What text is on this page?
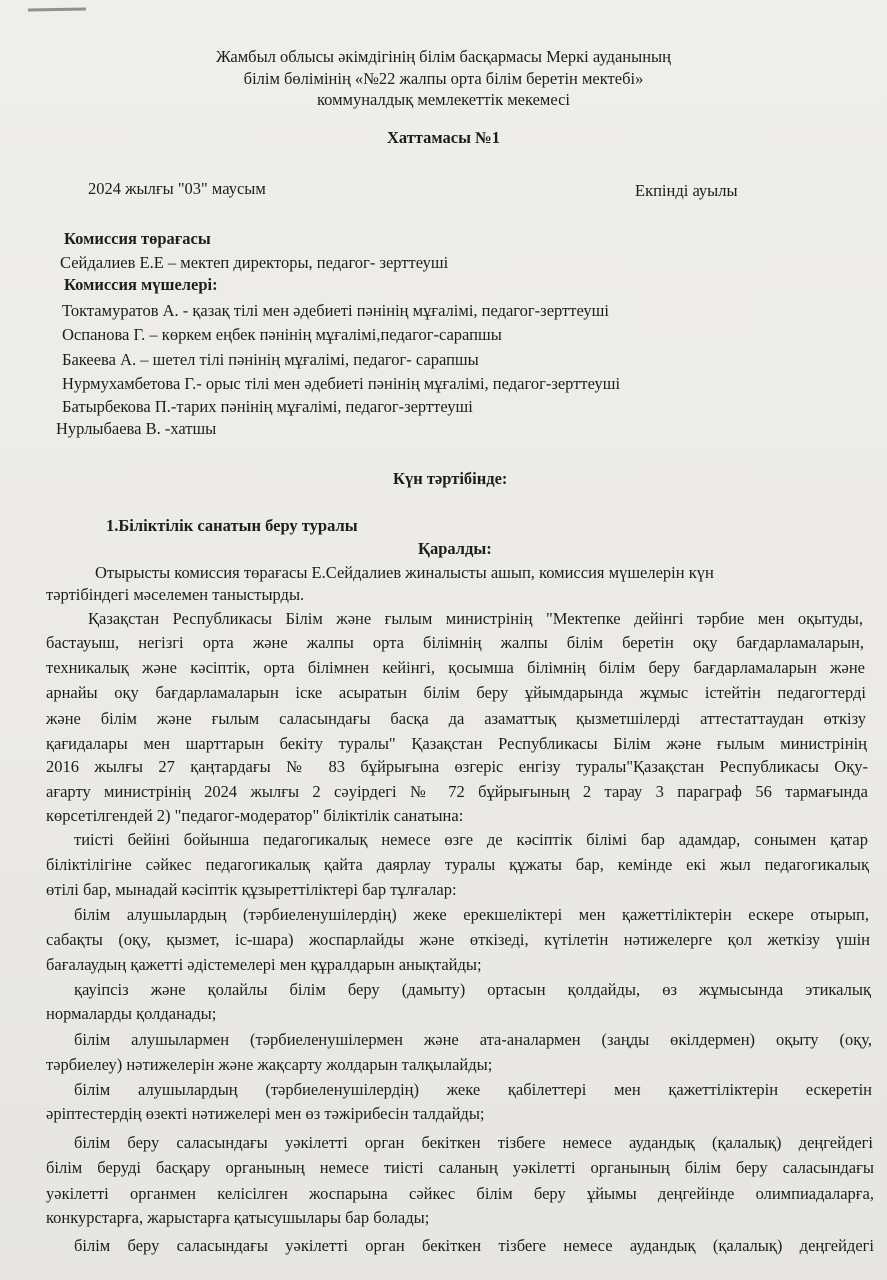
Жамбыл облысы әкімдігінің білім басқармасы Меркі ауданының
білім бөлімінің «№22 жалпы орта білім беретін мектебі»
коммуналдық мемлекеттік мекемесі
Хаттамасы №1
2024 жылғы "03" маусым	Екпінді ауылы
Комиссия төрағасы
Сейдалиев Е.Е – мектеп директоры, педагог- зерттеуші
Комиссия мүшелері:
Токтамуратов А. - қазақ тілі мен әдебиеті пәнінің мұғалімі, педагог-зерттеуші
Оспанова Г. – көркем еңбек пәнінің мұғалімі,педагог-сарапшы
Бакеева А. – шетел тілі пәнінің мұғалімі, педагог- сарапшы
Нурмухамбетова Г.- орыс тілі мен әдебиеті пәнінің мұғалімі, педагог-зерттеуші
Батырбекова П.-тарих пәнінің мұғалімі, педагог-зерттеуші
Нурлыбаева В. -хатшы
Күн тәртібінде:
1.Біліктілік санатын беру туралы
Қаралды:
Отырысты комиссия төрағасы Е.Сейдалиев жиналысты ашып, комиссия мүшелерін күн
тәртібіндегі мәселемен таныстырды.
Қазақстан Республикасы Білім және ғылым министрінің "Мектепке дейінгі тәрбие мен оқытуды,
бастауыш, негізгі орта және жалпы орта білімнің жалпы білім беретін оқу бағдарламаларын,
техникалық және кәсіптік, орта білімнен кейінгі, қосымша білімнің білім беру бағдарламаларын және
арнайы оқу бағдарламаларын іске асыратын білім беру ұйымдарында жұмыс істейтін педагогтерді
және білім және ғылым саласындағы басқа да азаматтық қызметшілерді аттестаттаудан өткізу
қағидалары мен шарттарын бекіту туралы" Қазақстан Республикасы Білім және ғылым министрінің
2016 жылғы 27 қаңтардағы № 83 бұйрығына өзгеріс енгізу туралы"Қазақстан Республикасы Оқу-
ағарту министрінің 2024 жылғы 2 сәуірдегі № 72 бұйрығының 2 тарау 3 параграф 56 тармағында
көрсетілгендей 2) "педагог-модератор" біліктілік санатына:
тиісті бейіні бойынша педагогикалық немесе өзге де кәсіптік білімі бар адамдар, сонымен қатар
біліктілігіне сәйкес педагогикалық қайта даярлау туралы құжаты бар, кемінде екі жыл педагогикалық
өтілі бар, мынадай кәсіптік құзыреттіліктері бар тұлғалар:
білім алушылардың (тәрбиеленушілердің) жеке ерекшеліктері мен қажеттіліктерін ескере отырып,
сабақты (оқу, қызмет, іс-шара) жоспарлайды және өткізеді, күтілетін нәтижелерге қол жеткізу үшін
бағалаудың қажетті әдістемелері мен құралдарын анықтайды;
қауіпсіз және қолайлы білім беру (дамыту) ортасын қолдайды, өз жұмысында этикалық
нормаларды қолданады;
білім алушылармен (тәрбиеленушілермен және ата-аналармен (заңды өкілдермен) оқыту (оқу,
тәрбиелеу) нәтижелерін және жақсарту жолдарын талқылайды;
білім алушылардың (тәрбиеленушілердің) жеке қабілеттері мен қажеттіліктерін ескеретін
әріптестердің өзекті нәтижелері мен өз тәжірибесін талдайды;
білім беру саласындағы уәкілетті орган бекіткен тізбеге немесе аудандық (қалалық) деңгейдегі
білім беруді басқару органының немесе тиісті саланың уәкілетті органының білім беру саласындағы
уәкілетті органмен келісілген жоспарына сәйкес білім беру ұйымы деңгейінде олимпиадаларға,
конкурстарға, жарыстарға қатысушылары бар болады;
білім беру саласындағы уәкілетті орган бекіткен тізбеге немесе аудандық (қалалық) деңгейдегі
